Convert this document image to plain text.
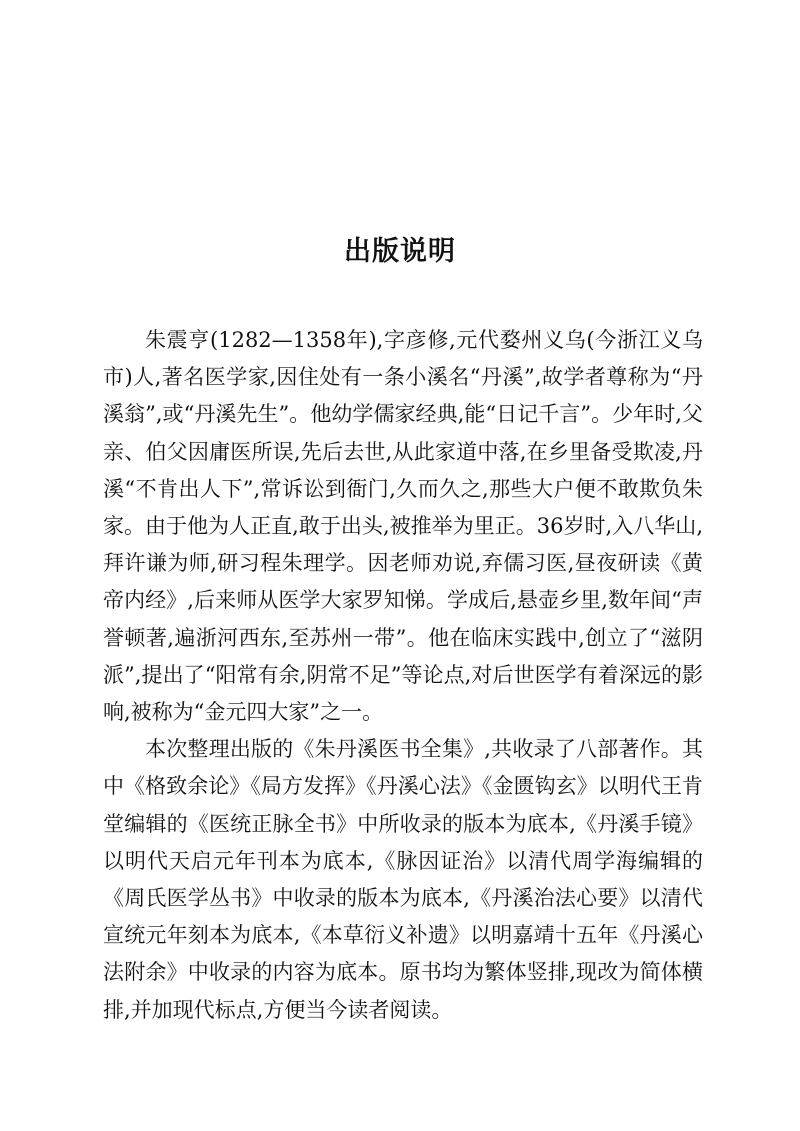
出版说明

朱震亨(1282—1358年),字彦修,元代婺州义乌(今浙江义乌市)人,著名医学家,因住处有一条小溪名“丹溪”,故学者尊称为“丹溪翁”,或“丹溪先生”。他幼学儒家经典,能“日记千言”。少年时,父亲、伯父因庸医所误,先后去世,从此家道中落,在乡里备受欺凌,丹溪“不肯出人下”,常诉讼到衙门,久而久之,那些大户便不敢欺负朱家。由于他为人正直,敢于出头,被推举为里正。36岁时,入八华山,拜许谦为师,研习程朱理学。因老师劝说,弃儒习医,昼夜研读《黄帝内经》,后来师从医学大家罗知悌。学成后,悬壶乡里,数年间“声誉顿著,遍浙河西东,至苏州一带”。他在临床实践中,创立了“滋阴派”,提出了“阳常有余,阴常不足”等论点,对后世医学有着深远的影响,被称为“金元四大家”之一。

本次整理出版的《朱丹溪医书全集》,共收录了八部著作。其中《格致余论》《局方发挥》《丹溪心法》《金匮钩玄》以明代王肯堂编辑的《医统正脉全书》中所收录的版本为底本,《丹溪手镜》以明代天启元年刊本为底本,《脉因证治》以清代周学海编辑的《周氏医学丛书》中收录的版本为底本,《丹溪治法心要》以清代宣统元年刻本为底本,《本草衍义补遗》以明嘉靖十五年《丹溪心法附余》中收录的内容为底本。原书均为繁体竖排,现改为简体横排,并加现代标点,方便当今读者阅读。
